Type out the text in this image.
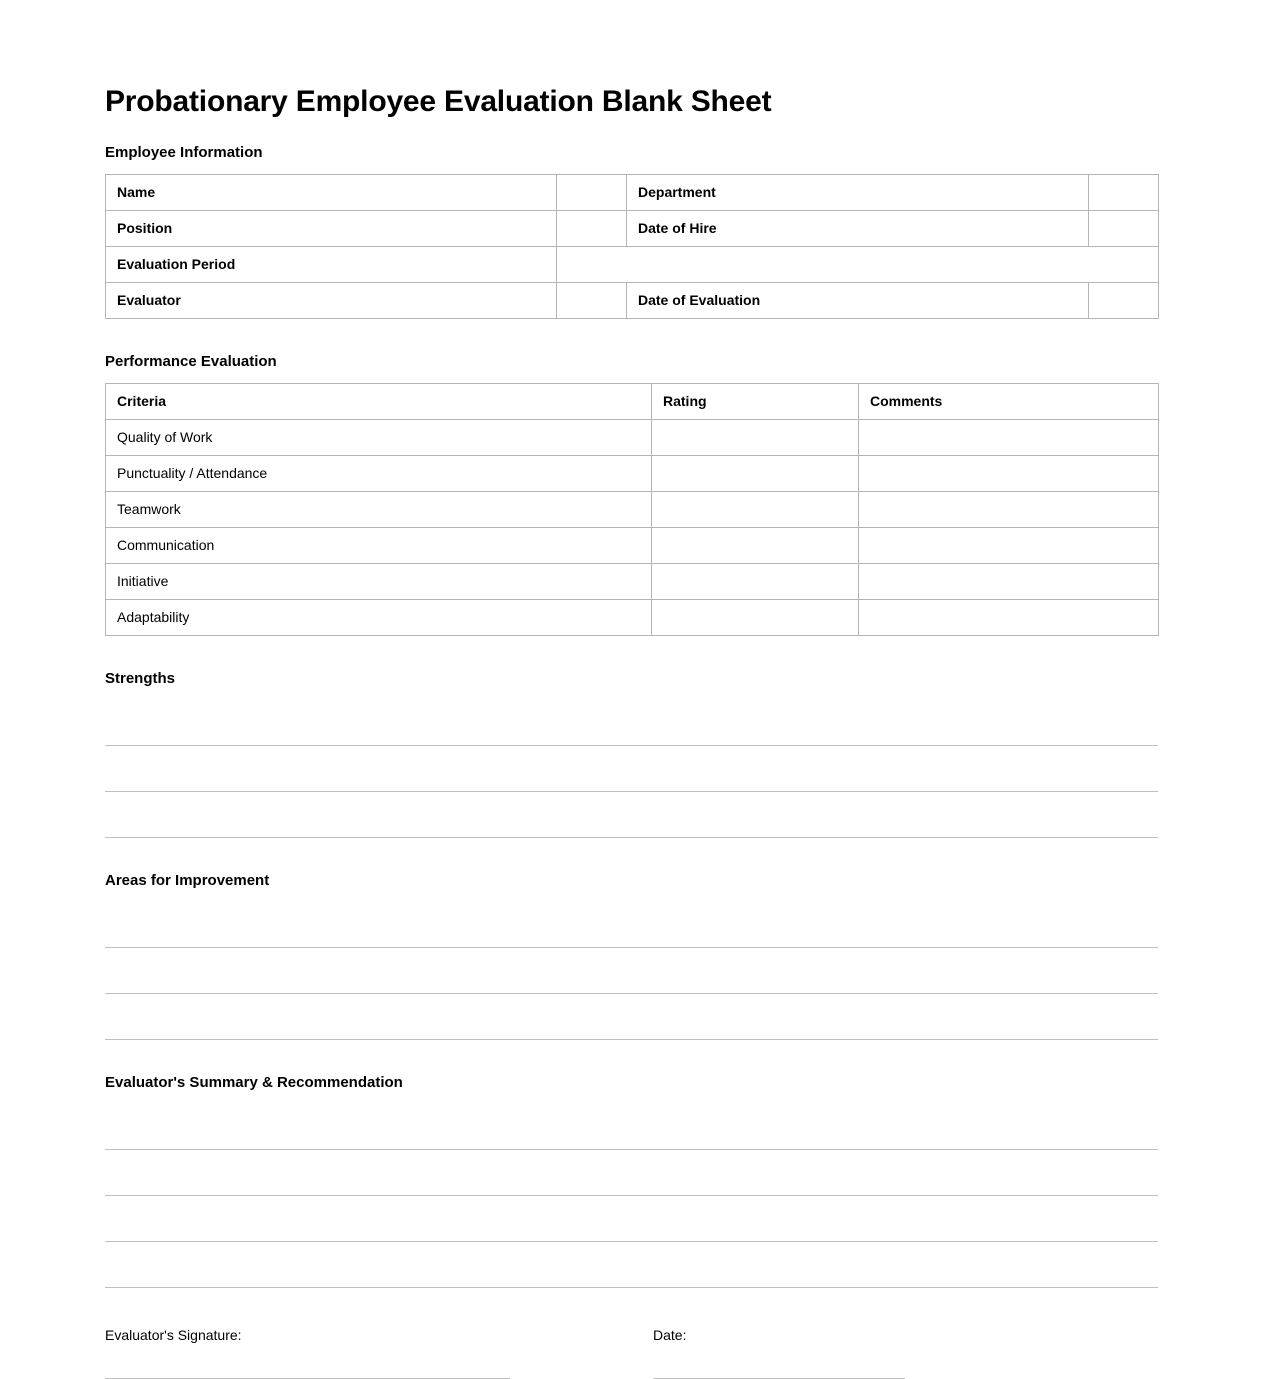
Probationary Employee Evaluation Blank Sheet
Employee Information
Name		Department	
Position		Date of Hire	
Evaluation Period			
Evaluator		Date of Evaluation	
Performance Evaluation
Criteria	Rating	Comments
Quality of Work		
Punctuality / Attendance		
Teamwork		
Communication		
Initiative		
Adaptability		
Strengths
Areas for Improvement
Evaluator's Summary & Recommendation
Evaluator's Signature:	Date:
